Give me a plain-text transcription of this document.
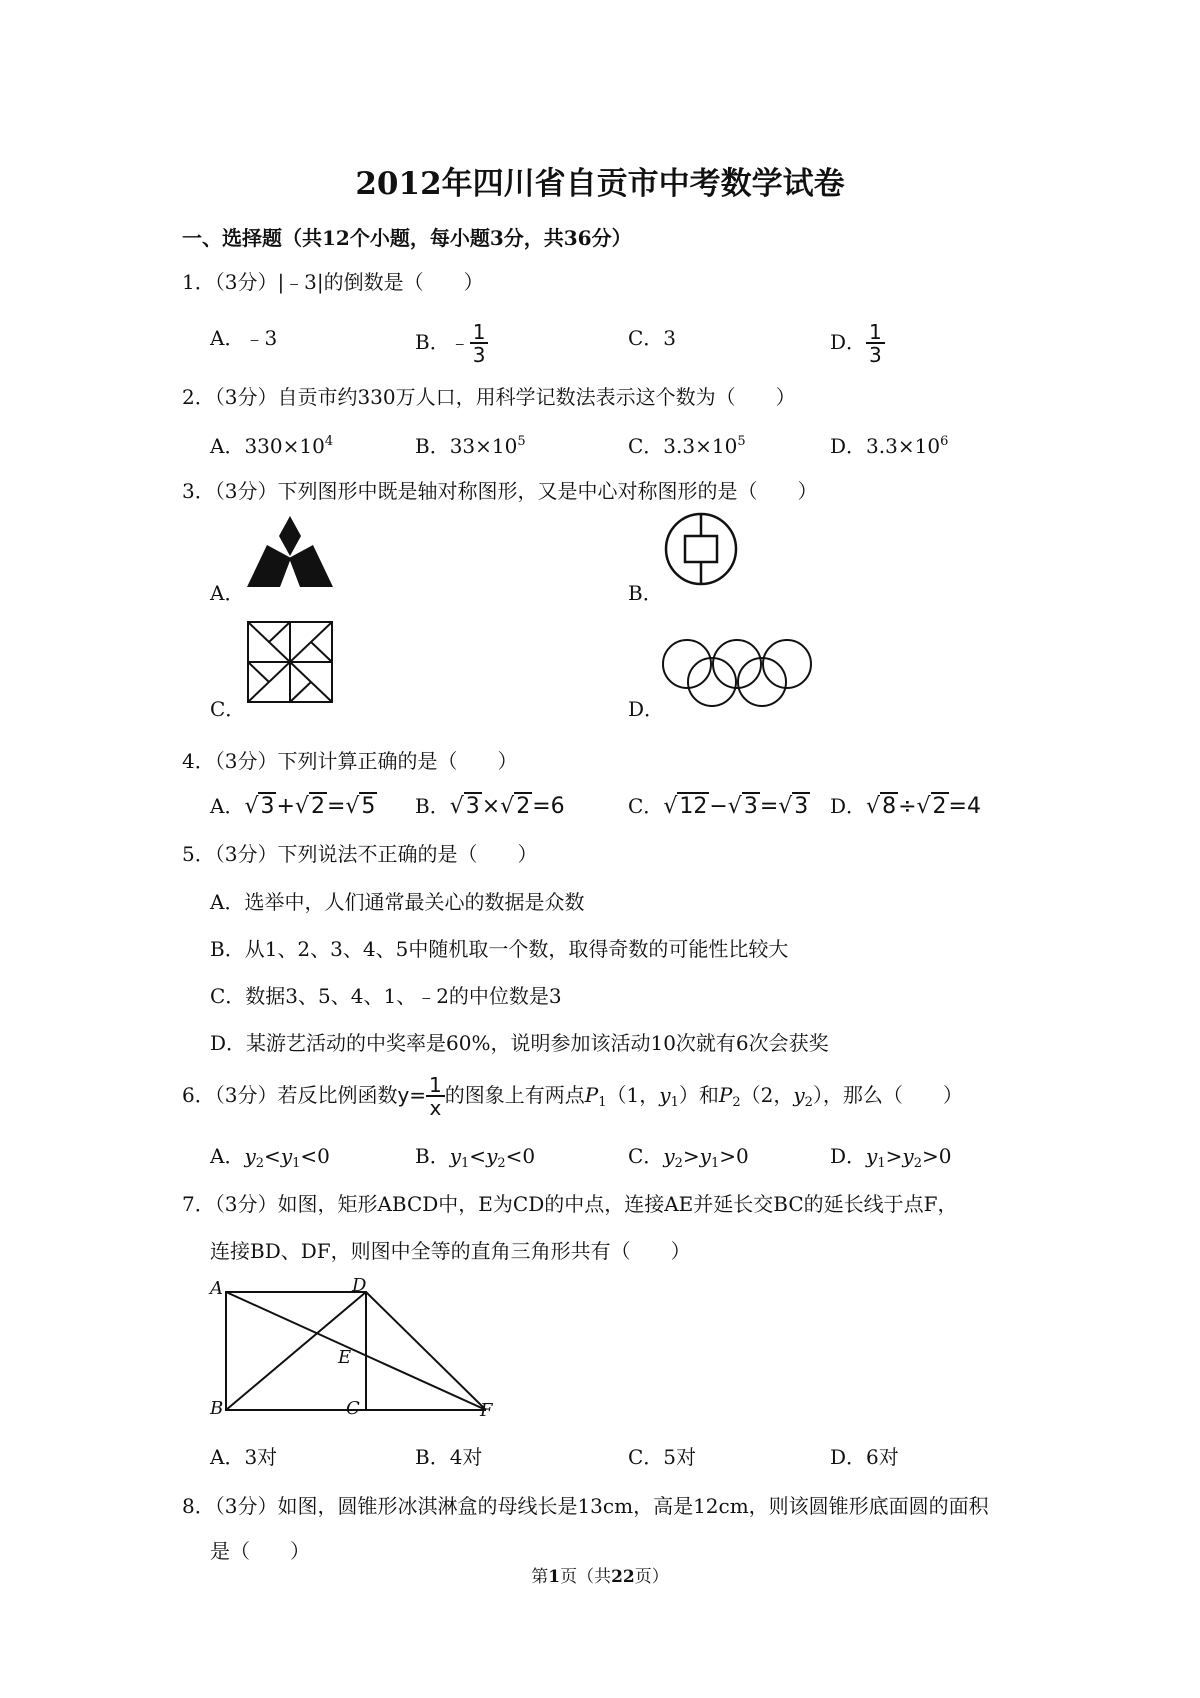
2012年四川省自贡市中考数学试卷
一、选择题（共12个小题，每小题3分，共36分）
1．（3分）|﹣3|的倒数是（　　）
A．﹣3	B．﹣ $\frac{1}{3}$	C．3	D． $\frac{1}{3}$
2．（3分）自贡市约330万人口，用科学记数法表示这个数为（　　）
A．$330\times 10^4$	B．$33\times 10^5$	C．$3.3\times 10^5$	D．$3.3\times 10^6$
3．（3分）下列图形中既是轴对称图形，又是中心对称图形的是（　　）
A．	B．
C．	D．
4．（3分）下列计算正确的是（　　）
A．√3+√2=√5 B．√3×√2=6	C．√12−√3=√3 D．√8÷√2=4
5．（3分）下列说法不正确的是（　　）
A．选举中，人们通常最关心的数据是众数
B．从1、2、3、4、5中随机取一个数，取得奇数的可能性比较大
C．数据3、5、4、1、﹣2的中位数是3
D．某游艺活动的中奖率是60%，说明参加该活动10次就有6次会获奖
6．（3分）若反比例函数$y= \frac{1}{x}$ 的图象上有两点$P_1(1$，$y_1$）和$P_2(2$，$y_2$），那么（　　）
A．$y_2<y_1<0$	B．$y_1<y_2<0$	C．$y_2>y_1>0$	D．$y_1>y_2>0$
7．（3分）如图，矩形ABCD中，E为CD的中点，连接AE并延长交BC的延长线于点F，
连接BD、DF，则图中全等的直角三角形共有（　　）
A	D
E
B	C	F
A．3对	B．4对	C．5对	D．6对
8．（3分）如图，圆锥形冰淇淋盒的母线长是13cm，高是12cm，则该圆锥形底面圆的面积
是（　　）
第1页（共22页）
